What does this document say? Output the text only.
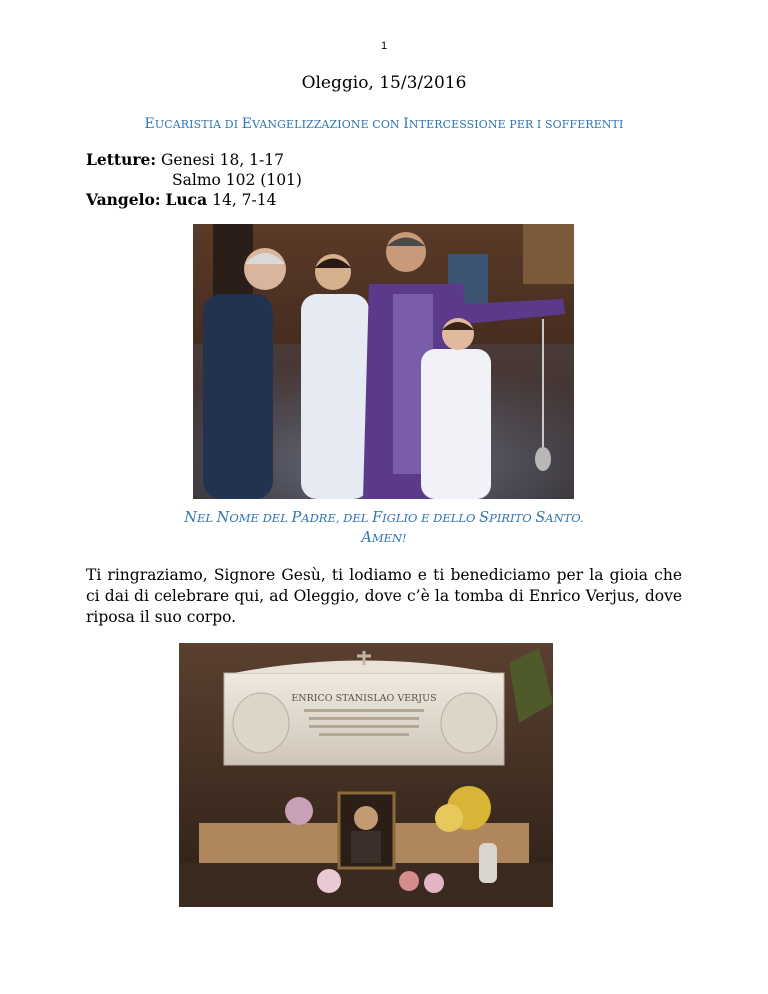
1
Oleggio, 15/3/2016
EUCARISTIA DI EVANGELIZZAZIONE CON INTERCESSIONE PER I SOFFERENTI
Letture: Genesi 18, 1-17
Salmo 102 (101)
Vangelo: Luca 14, 7-14
NEL NOME DEL PADRE, DEL FIGLIO E DELLO SPIRITO SANTO.
AMEN!
Ti ringraziamo, Signore Gesù, ti lodiamo e ti benediciamo per la gioia che ci dai di celebrare qui, ad Oleggio, dove c’è la tomba di Enrico Verjus, dove riposa il suo corpo.
ENRICO STANISLAO VERJUS
